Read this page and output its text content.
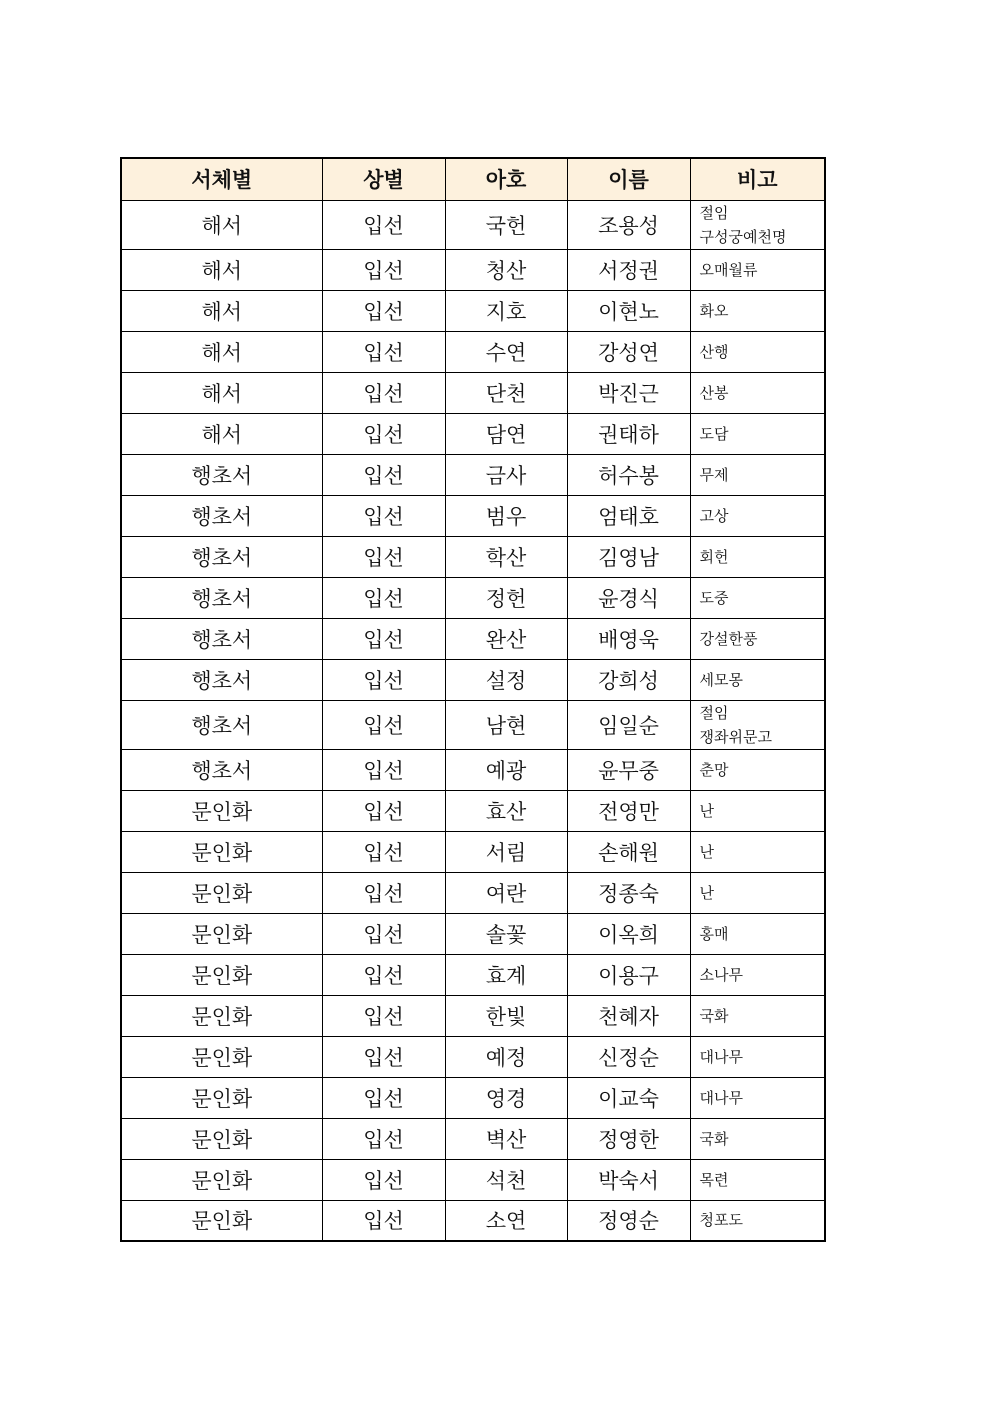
서체별	상별	아호	이름	비고
해서	입선	국헌	조용성	절임
구성궁예천명

해서	입선	청산	서정권	오매월류

해서	입선	지호	이현노	화오

해서	입선	수연	강성연	산행

해서	입선	단천	박진근	산봉

해서	입선	담연	권태하	도담

행초서	입선	금사	허수봉	무제

행초서	입선	범우	엄태호	고상

행초서	입선	학산	김영남	회헌

행초서	입선	정헌	윤경식	도중

행초서	입선	완산	배영욱	강설한풍

행초서	입선	설정	강희성	세모몽

행초서	입선	남현	임일순	절임
쟁좌위문고

행초서	입선	예광	윤무중	춘망

문인화	입선	효산	전영만	난

문인화	입선	서림	손해원	난

문인화	입선	여란	정종숙	난

문인화	입선	솔꽃	이옥희	홍매

문인화	입선	효계	이용구	소나무

문인화	입선	한빛	천혜자	국화

문인화	입선	예정	신정순	대나무

문인화	입선	영경	이교숙	대나무

문인화	입선	벽산	정영한	국화

문인화	입선	석천	박숙서	목련

문인화	입선	소연	정영순	청포도
